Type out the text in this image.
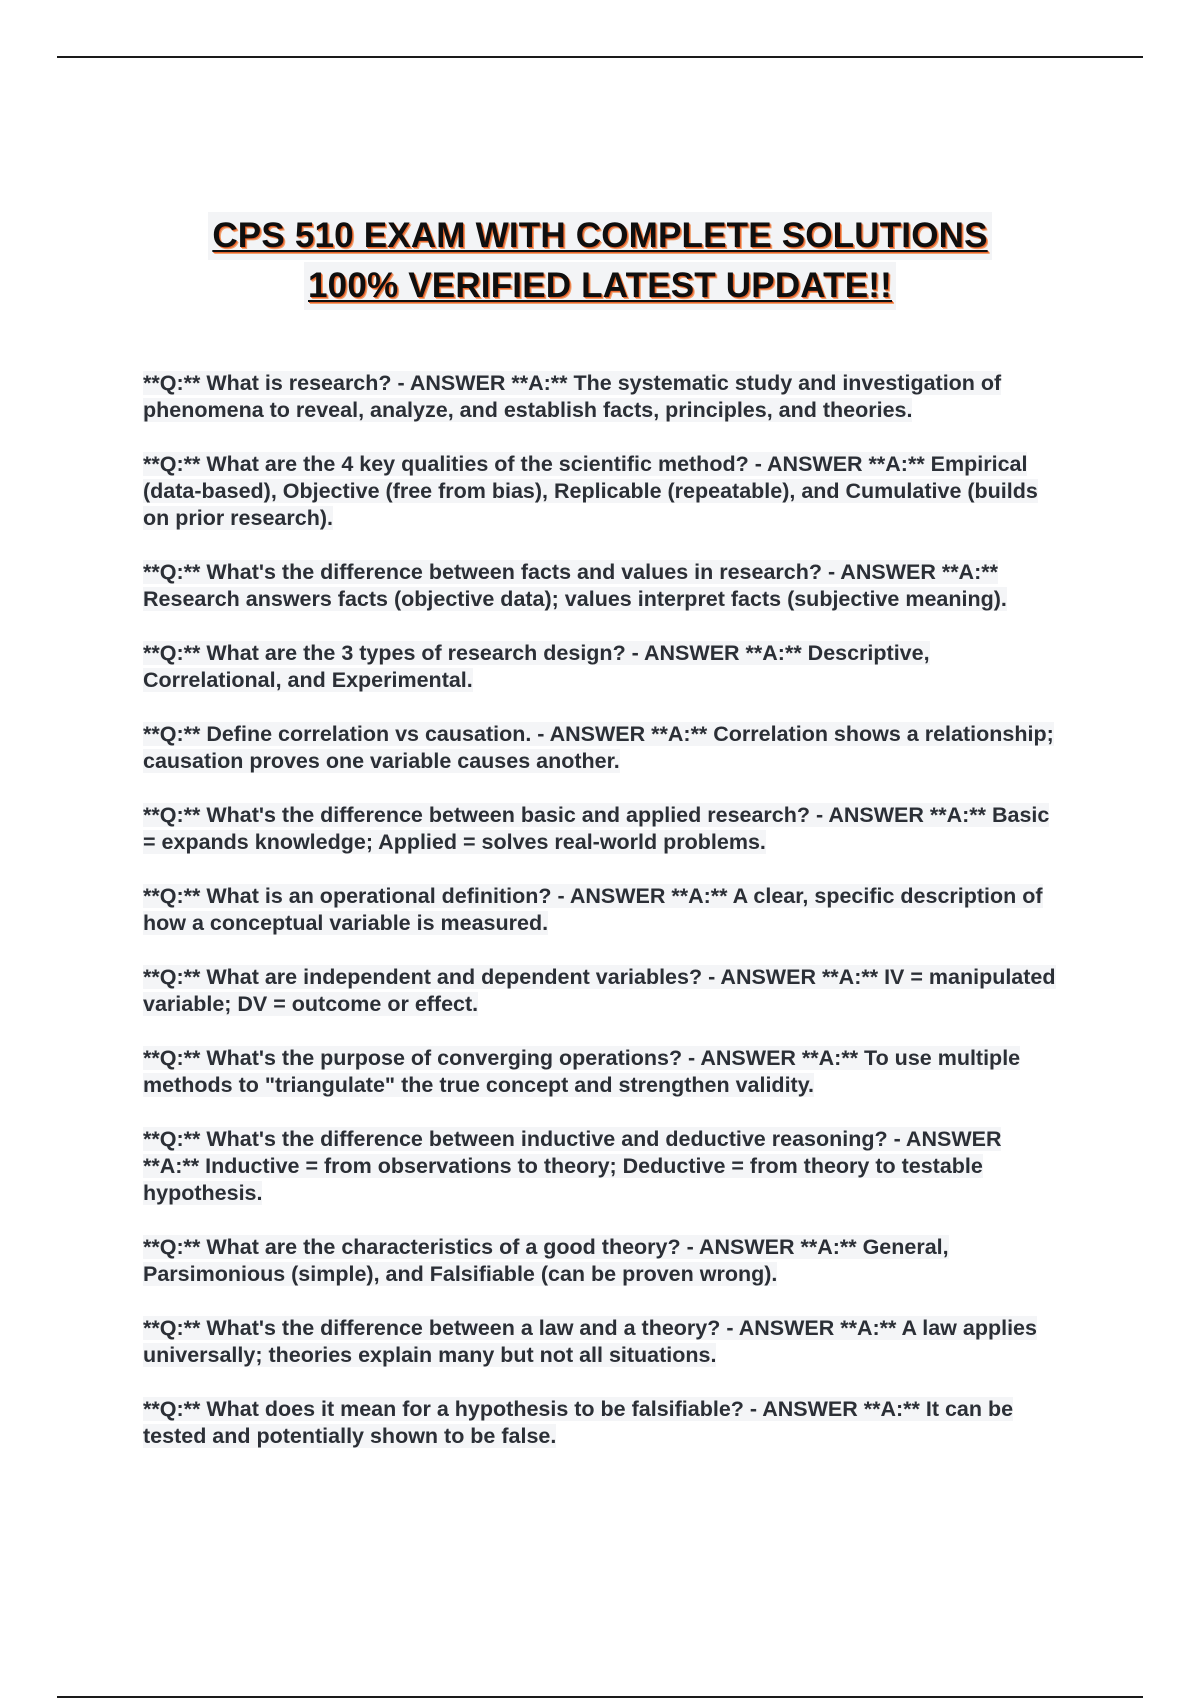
CPS 510 EXAM WITH COMPLETE SOLUTIONS
100% VERIFIED LATEST UPDATE!!

**Q:** What is research? - ANSWER **A:** The systematic study and investigation of phenomena to reveal, analyze, and establish facts, principles, and theories.

**Q:** What are the 4 key qualities of the scientific method? - ANSWER **A:** Empirical (data-based), Objective (free from bias), Replicable (repeatable), and Cumulative (builds on prior research).

**Q:** What's the difference between facts and values in research? - ANSWER **A:** Research answers facts (objective data); values interpret facts (subjective meaning).

**Q:** What are the 3 types of research design? - ANSWER **A:** Descriptive, Correlational, and Experimental.

**Q:** Define correlation vs causation. - ANSWER **A:** Correlation shows a relationship; causation proves one variable causes another.

**Q:** What's the difference between basic and applied research? - ANSWER **A:** Basic = expands knowledge; Applied = solves real-world problems.

**Q:** What is an operational definition? - ANSWER **A:** A clear, specific description of how a conceptual variable is measured.

**Q:** What are independent and dependent variables? - ANSWER **A:** IV = manipulated variable; DV = outcome or effect.

**Q:** What's the purpose of converging operations? - ANSWER **A:** To use multiple methods to "triangulate" the true concept and strengthen validity.

**Q:** What's the difference between inductive and deductive reasoning? - ANSWER **A:** Inductive = from observations to theory; Deductive = from theory to testable hypothesis.

**Q:** What are the characteristics of a good theory? - ANSWER **A:** General, Parsimonious (simple), and Falsifiable (can be proven wrong).

**Q:** What's the difference between a law and a theory? - ANSWER **A:** A law applies universally; theories explain many but not all situations.

**Q:** What does it mean for a hypothesis to be falsifiable? - ANSWER **A:** It can be tested and potentially shown to be false.
